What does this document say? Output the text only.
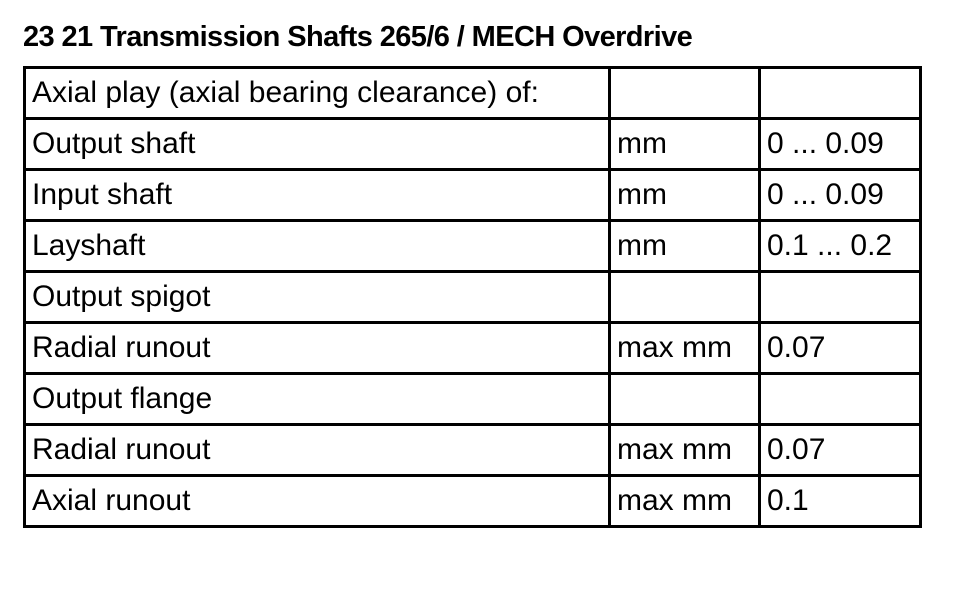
23 21 Transmission Shafts 265/6 / MECH Overdrive
Axial play (axial bearing clearance) of:		
Output shaft	mm	0 ... 0.09
Input shaft	mm	0 ... 0.09
Layshaft	mm	0.1 ... 0.2
Output spigot		
Radial runout	max mm	0.07
Output flange		
Radial runout	max mm	0.07
Axial runout	max mm	0.1
